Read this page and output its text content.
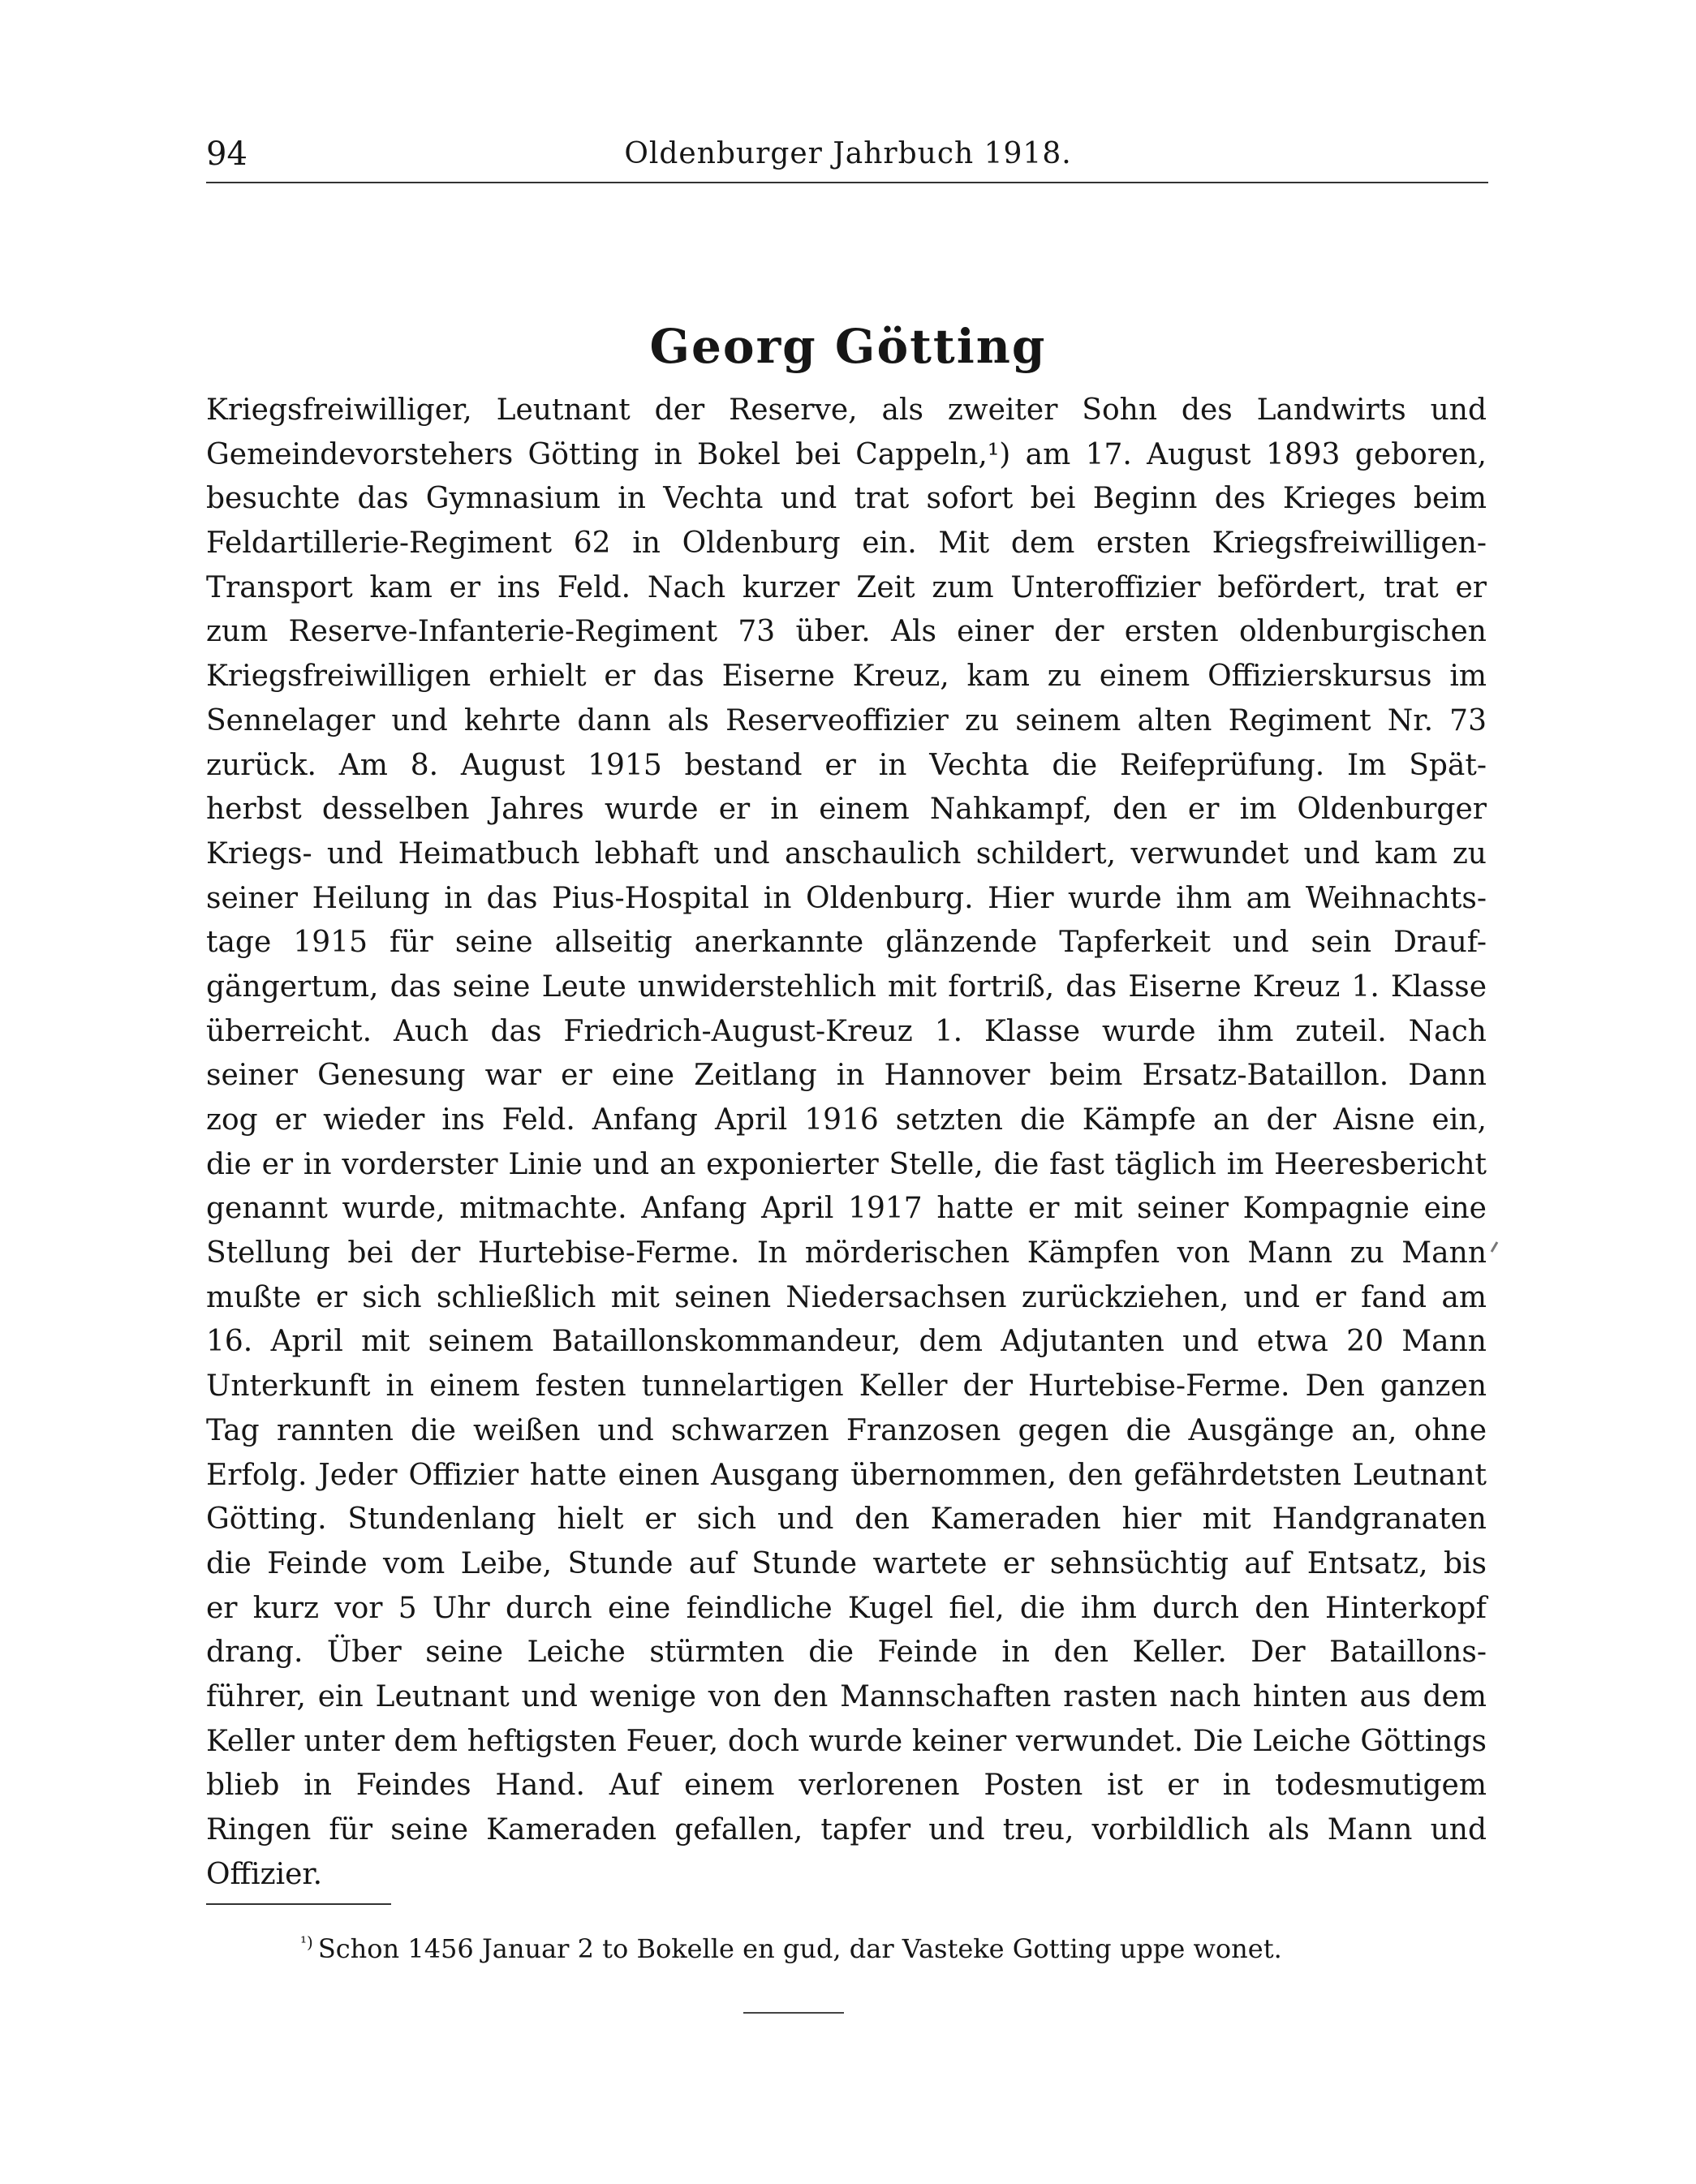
94	Oldenburger Jahrbuch 1918.
Georg Götting
Kriegsfreiwilliger, Leutnant der Reserve, als zweiter Sohn des Landwirts und
Gemeindevorstehers Götting in Bokel bei Cappeln,¹) am 17. August 1893 geboren,
besuchte das Gymnasium in Vechta und trat sofort bei Beginn des Krieges beim
Feldartillerie-Regiment 62 in Oldenburg ein. Mit dem ersten Kriegsfreiwilligen-
Transport kam er ins Feld. Nach kurzer Zeit zum Unteroffizier befördert, trat er
zum Reserve-Infanterie-Regiment 73 über. Als einer der ersten oldenburgischen
Kriegsfreiwilligen erhielt er das Eiserne Kreuz, kam zu einem Offizierskursus im
Sennelager und kehrte dann als Reserveoffizier zu seinem alten Regiment Nr. 73
zurück. Am 8. August 1915 bestand er in Vechta die Reifeprüfung. Im Spät-
herbst desselben Jahres wurde er in einem Nahkampf, den er im Oldenburger
Kriegs- und Heimatbuch lebhaft und anschaulich schildert, verwundet und kam zu
seiner Heilung in das Pius-Hospital in Oldenburg. Hier wurde ihm am Weihnachts-
tage 1915 für seine allseitig anerkannte glänzende Tapferkeit und sein Drauf-
gängertum, das seine Leute unwiderstehlich mit fortriß, das Eiserne Kreuz 1. Klasse
überreicht. Auch das Friedrich-August-Kreuz 1. Klasse wurde ihm zuteil. Nach
seiner Genesung war er eine Zeitlang in Hannover beim Ersatz-Bataillon. Dann
zog er wieder ins Feld. Anfang April 1916 setzten die Kämpfe an der Aisne ein,
die er in vorderster Linie und an exponierter Stelle, die fast täglich im Heeresbericht
genannt wurde, mitmachte. Anfang April 1917 hatte er mit seiner Kompagnie eine
Stellung bei der Hurtebise-Ferme. In mörderischen Kämpfen von Mann zu Mann
mußte er sich schließlich mit seinen Niedersachsen zurückziehen, und er fand am
16. April mit seinem Bataillonskommandeur, dem Adjutanten und etwa 20 Mann
Unterkunft in einem festen tunnelartigen Keller der Hurtebise-Ferme. Den ganzen
Tag rannten die weißen und schwarzen Franzosen gegen die Ausgänge an, ohne
Erfolg. Jeder Offizier hatte einen Ausgang übernommen, den gefährdetsten Leutnant
Götting. Stundenlang hielt er sich und den Kameraden hier mit Handgranaten
die Feinde vom Leibe, Stunde auf Stunde wartete er sehnsüchtig auf Entsatz, bis
er kurz vor 5 Uhr durch eine feindliche Kugel fiel, die ihm durch den Hinterkopf
drang. Über seine Leiche stürmten die Feinde in den Keller. Der Bataillons-
führer, ein Leutnant und wenige von den Mannschaften rasten nach hinten aus dem
Keller unter dem heftigsten Feuer, doch wurde keiner verwundet. Die Leiche Göttings
blieb in Feindes Hand. Auf einem verlorenen Posten ist er in todesmutigem
Ringen für seine Kameraden gefallen, tapfer und treu, vorbildlich als Mann und
Offizier.
$^{^1)}$ Schon 1456 Januar 2 to Bokelle en gud, dar Vasteke Gotting uppe wonet.
